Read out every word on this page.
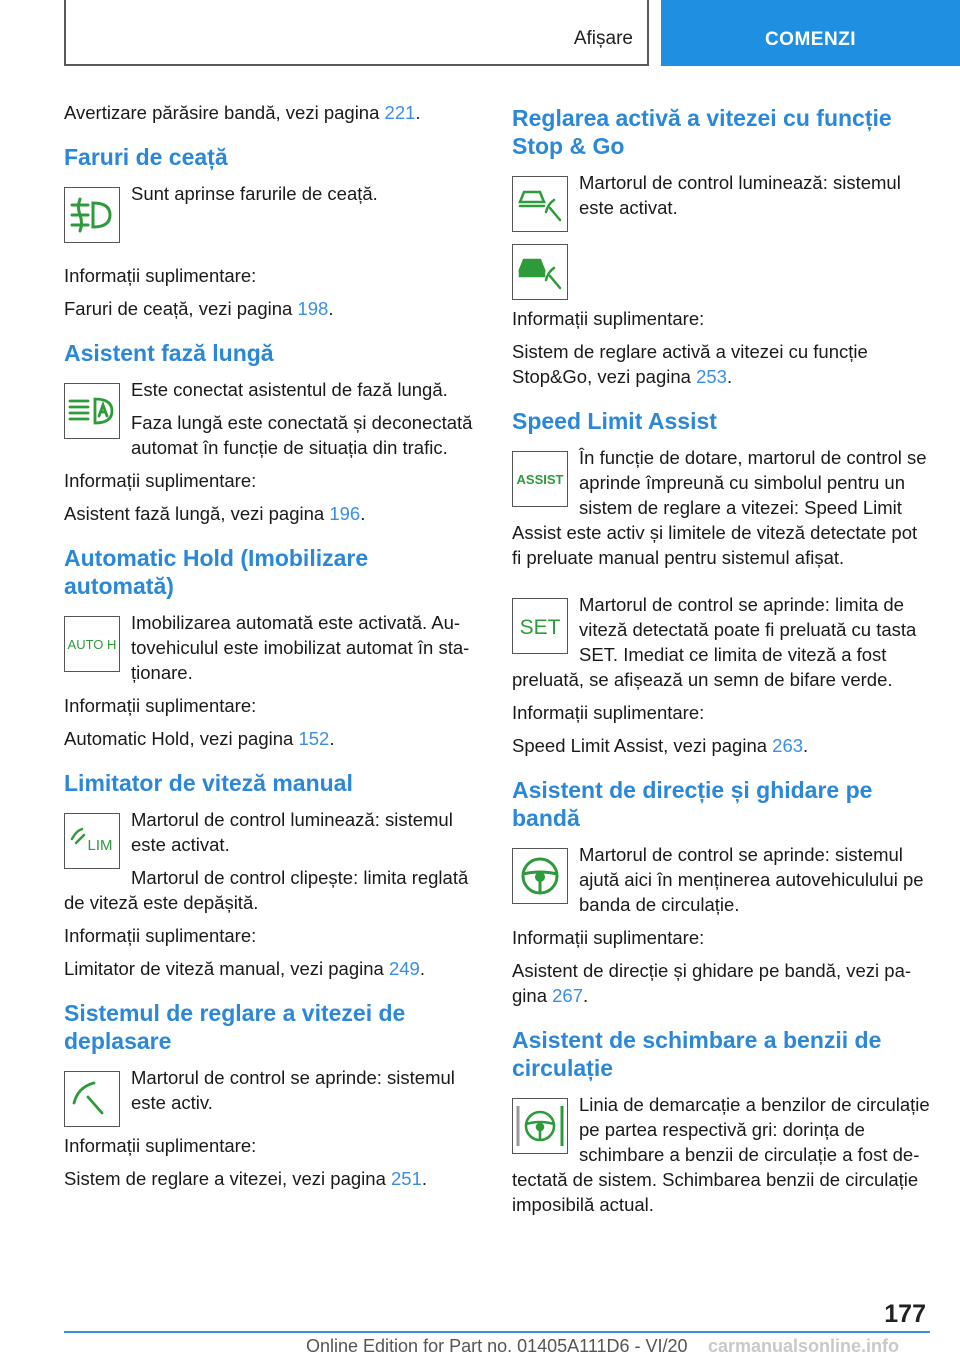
Afișare	COMENZI

Avertizare părăsire bandă, vezi pagina 221.

Faruri de ceață

Sunt aprinse farurile de ceață.

Informații suplimentare:

Faruri de ceață, vezi pagina 198.

Asistent fază lungă

Este conectat asistentul de fază lungă.

Faza lungă este conectată și deconectată automat în funcție de situația din trafic.

Informații suplimentare:

Asistent fază lungă, vezi pagina 196.

Automatic Hold (Imobilizare automată)
AUTO H

Imobilizarea automată este activată. Autovehiculul este imobilizat automat în staționare.

Informații suplimentare:

Automatic Hold, vezi pagina 152.

Limitator de viteză manual
LIM

Martorul de control luminează: sistemul este activat.

Martorul de control clipește: limita reglată de viteză este depășită.

Informații suplimentare:

Limitator de viteză manual, vezi pagina 249.

Sistemul de reglare a vitezei de deplasare

Martorul de control se aprinde: sistemul este activ.

Informații suplimentare:

Sistem de reglare a vitezei, vezi pagina 251.

Reglarea activă a vitezei cu funcție Stop & Go

Martorul de control luminează: sistemul este activat.

Informații suplimentare:

Sistem de reglare activă a vitezei cu funcție Stop&Go, vezi pagina 253.

Speed Limit Assist
ASSIST

În funcție de dotare, martorul de control se aprinde împreună cu simbolul pentru un sistem de reglare a vitezei: Speed Limit Assist este activ și limitele de viteză detectate pot fi preluate manual pentru sistemul afișat.

SET

Martorul de control se aprinde: limita de viteză detectată poate fi preluată cu tasta SET. Imediat ce limita de viteză a fost preluată, se afișează un semn de bifare verde.

Informații suplimentare:

Speed Limit Assist, vezi pagina 263.

Asistent de direcție și ghidare pe bandă

Martorul de control se aprinde: sistemul ajută aici în menținerea autovehiculului pe banda de circulație.

Informații suplimentare:

Asistent de direcție și ghidare pe bandă, vezi pagina 267.

Asistent de schimbare a benzii de circulație

Linia de demarcație a benzilor de circulație pe partea respectivă gri: dorința de schimbare a benzii de circulație a fost detectată de sistem. Schimbarea benzii de circulație imposibilă actual.

177
Online Edition for Part no. 01405A111D6 - VI/20 carmanualsonline.info
